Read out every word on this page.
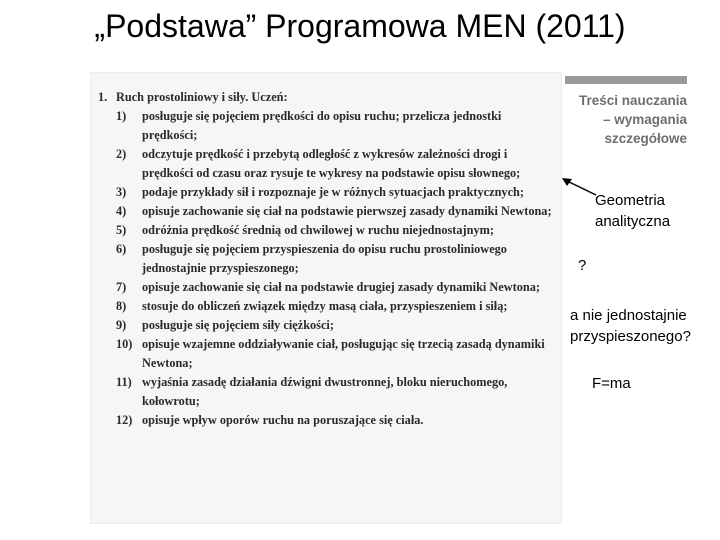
„Podstawa” Programowa MEN (2011)
1. Ruch prostoliniowy i siły. Uczeń:
1)	posługuje się pojęciem prędkości do opisu ruchu; przelicza jednostki prędkości;
2)	odczytuje prędkość i przebytą odległość z wykresów zależności drogi i prędkości od czasu oraz rysuje te wykresy na podstawie opisu słownego;
3)	podaje przykłady sił i rozpoznaje je w różnych sytuacjach praktycznych;
4)	opisuje zachowanie się ciał na podstawie pierwszej zasady dynamiki Newtona;
5)	odróżnia prędkość średnią od chwilowej w ruchu niejednostajnym;
6)	posługuje się pojęciem przyspieszenia do opisu ruchu prostoliniowego jednostajnie przyspieszonego;
7)	opisuje zachowanie się ciał na podstawie drugiej zasady dynamiki Newtona;
8)	stosuje do obliczeń związek między masą ciała, przyspieszeniem i siłą;
9)	posługuje się pojęciem siły ciężkości;
10) opisuje wzajemne oddziaływanie ciał, posługując się trzecią zasadą dynamiki Newtona;
11) wyjaśnia zasadę działania dźwigni dwustronnej, bloku nieruchomego, kołowrotu;
12) opisuje wpływ oporów ruchu na poruszające się ciała.
Treści nauczania
– wymagania
szczegółowe
Geometria analityczna
?
a nie jednostajnie przyspieszonego?
F=ma
